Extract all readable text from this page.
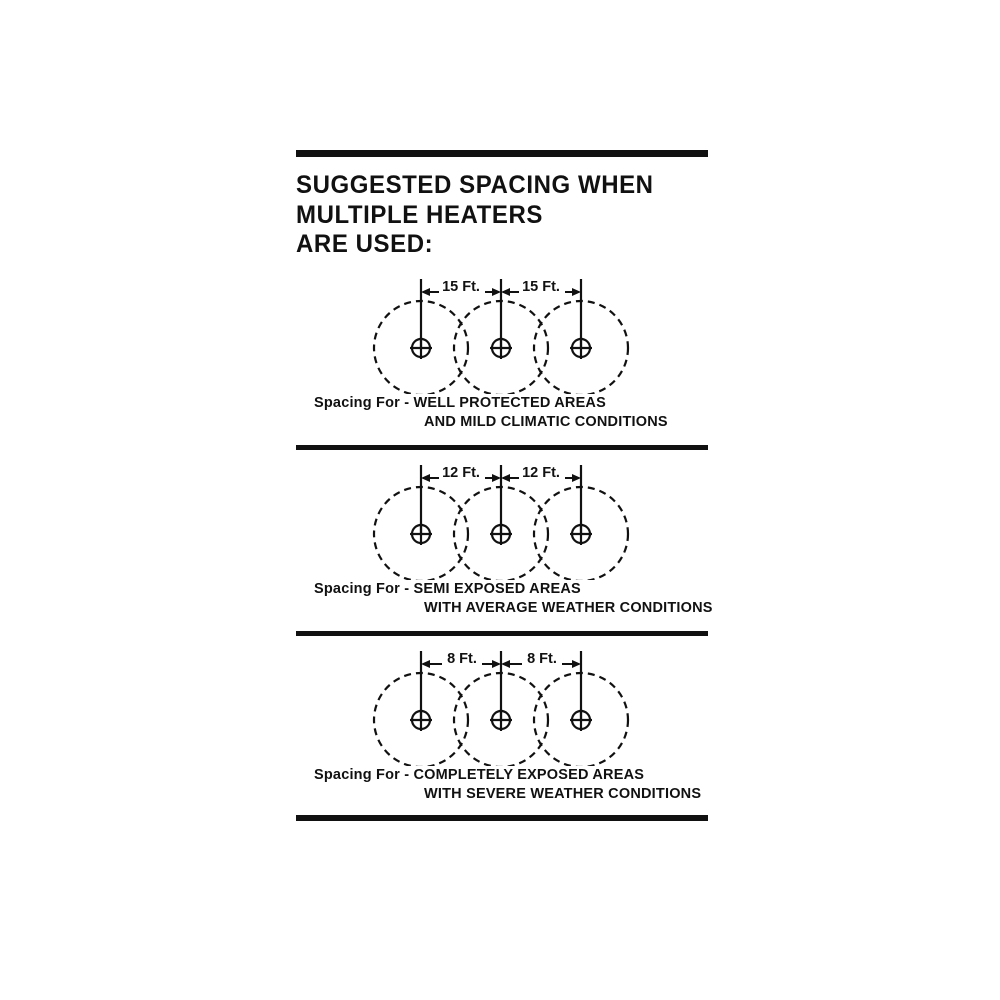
SUGGESTED SPACING WHEN
MULTIPLE HEATERS
ARE USED:
15 Ft.	15 Ft.
Spacing For - WELL PROTECTED AREAS
AND MILD CLIMATIC CONDITIONS
12 Ft.	12 Ft.
Spacing For - SEMI EXPOSED AREAS
WITH AVERAGE WEATHER CONDITIONS
8 Ft.	8 Ft.
Spacing For - COMPLETELY EXPOSED AREAS
WITH SEVERE WEATHER CONDITIONS
